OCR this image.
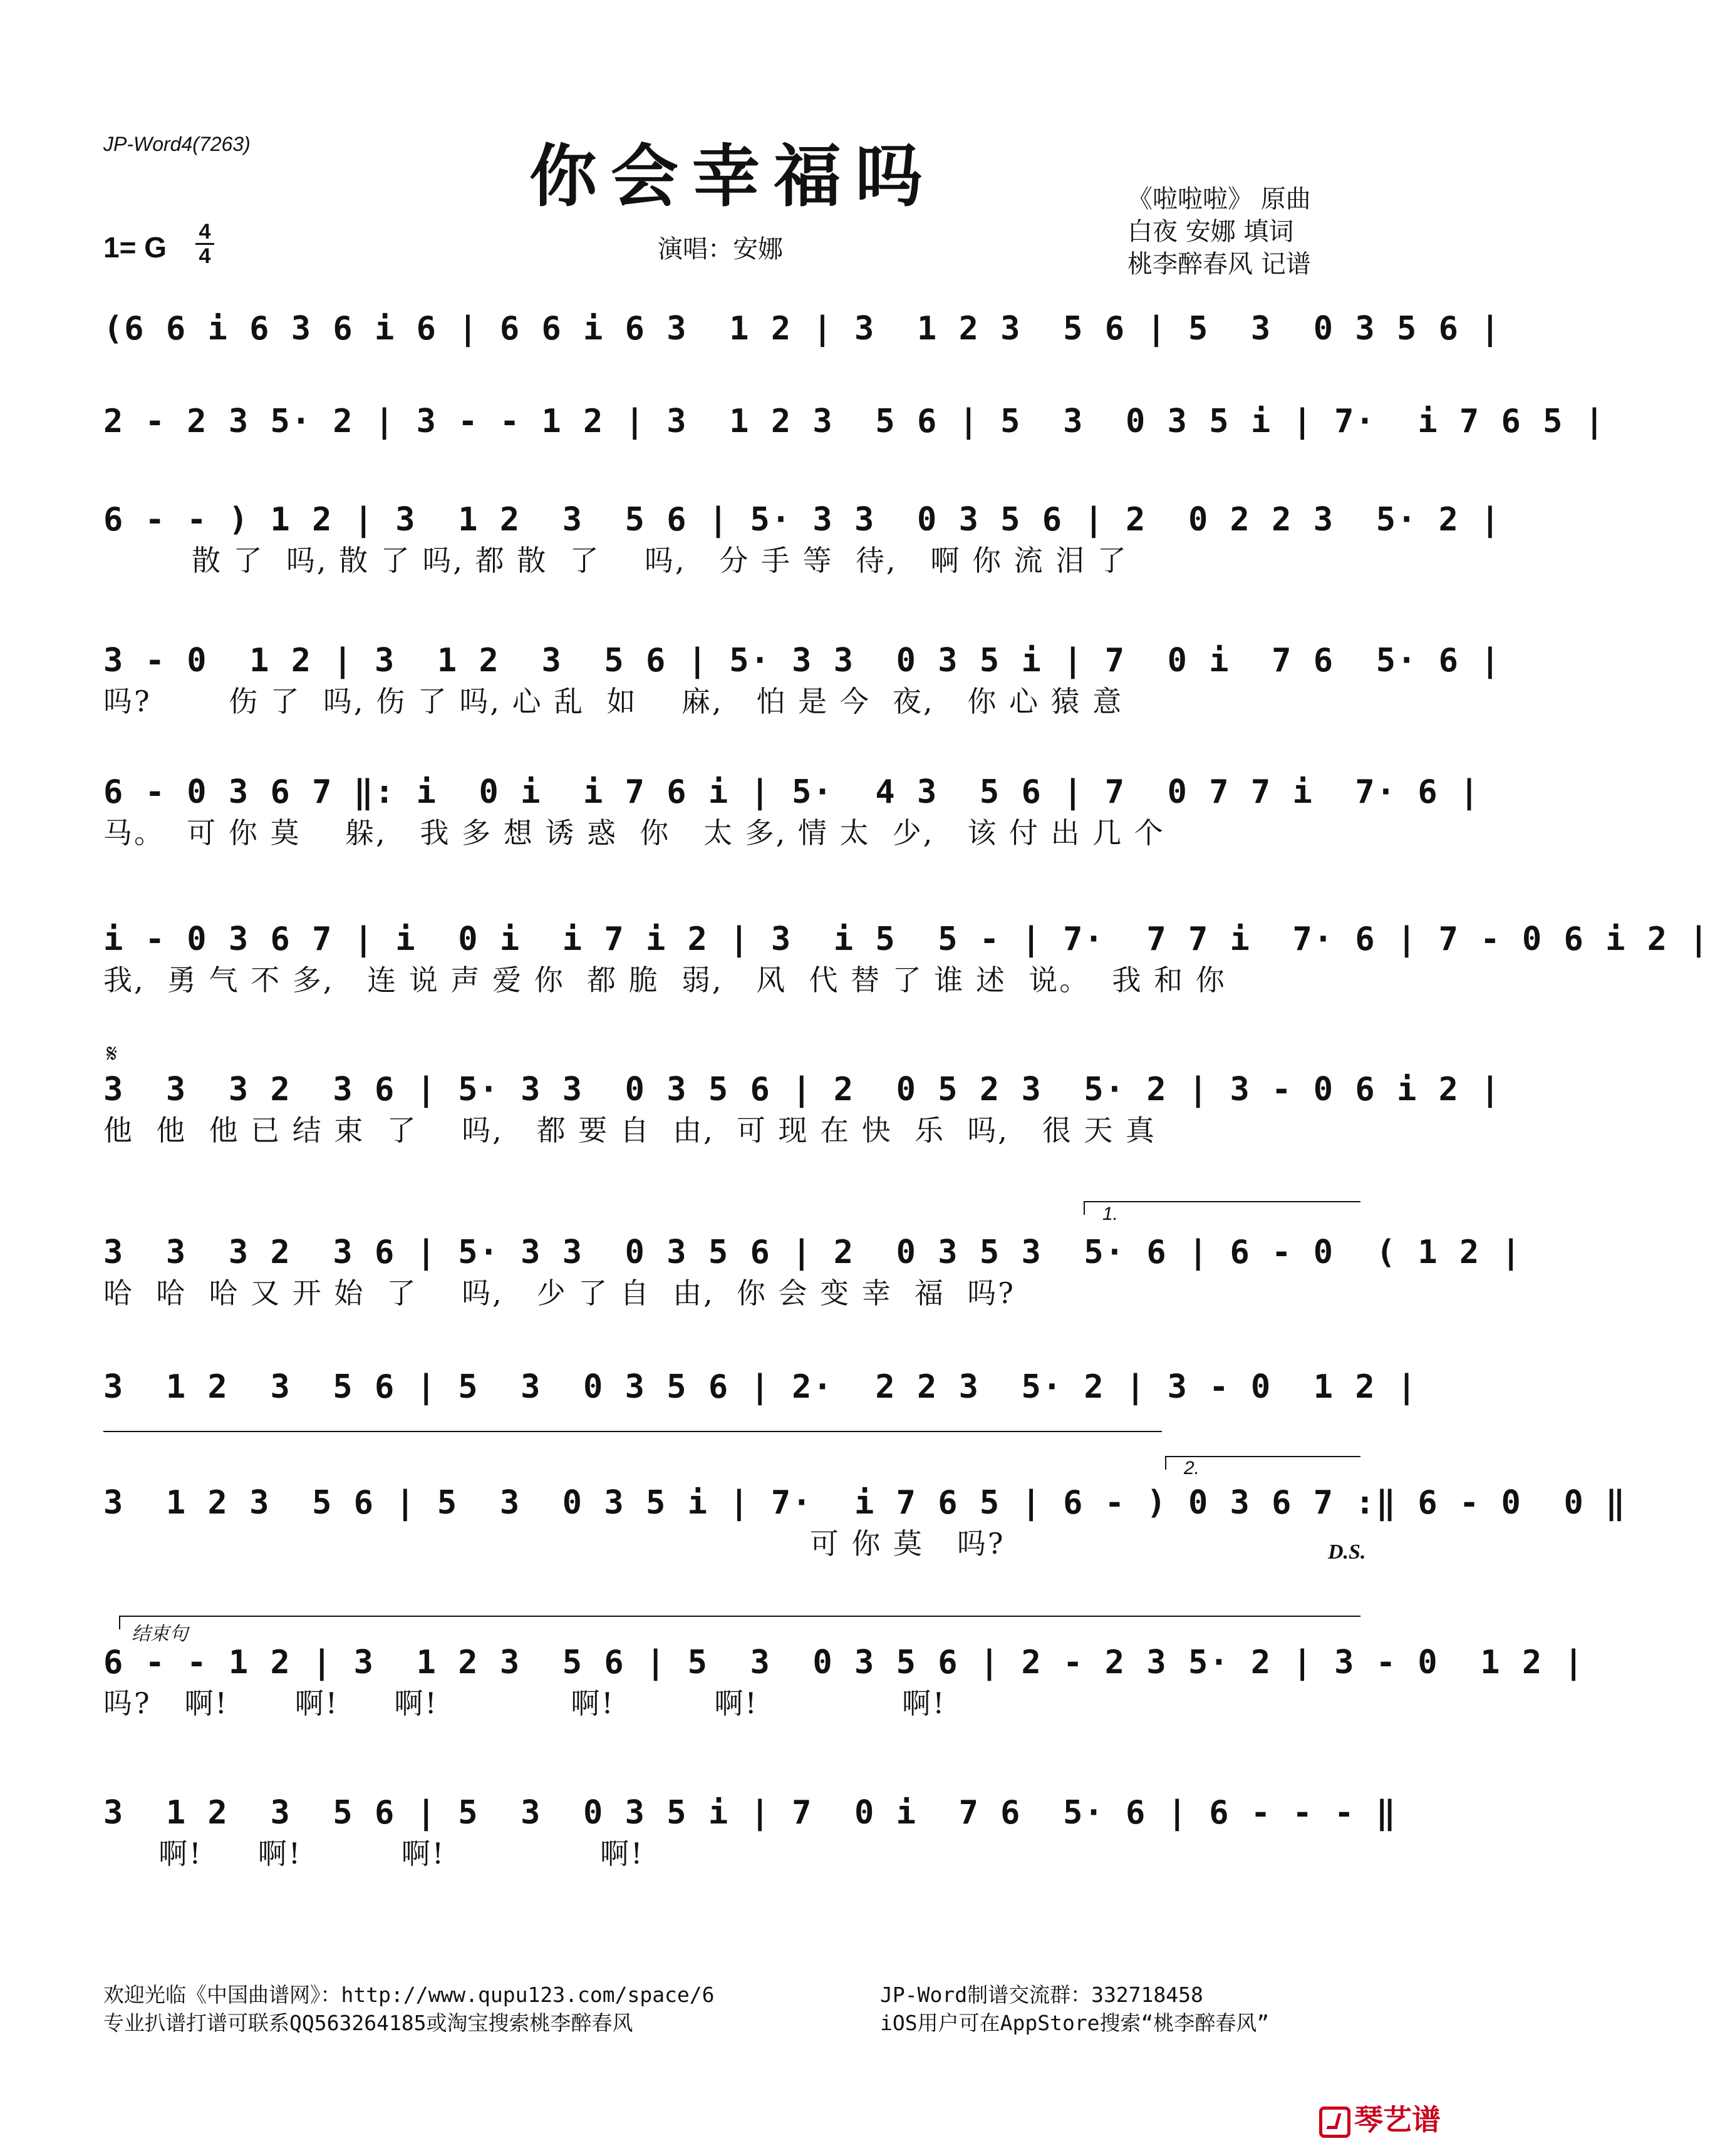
JP-Word4(7263)	你会幸福吗
1= G 4
4	演唱：安娜
《啦啦啦》 原曲
白夜 安娜 填词
桃李醉春风 记谱
(6 6 i 6 3 6 i 6 | 6 6 i 6 3  1 2 | 3  1 2 3  5 6 | 5  3  0 3 5 6 |
2 - 2 3 5· 2 | 3 - - 1 2 | 3  1 2 3  5 6 | 5  3  0 3 5 i | 7·  i 7 6 5 |
6 - - ) 1 2 | 3  1 2  3  5 6 | 5· 3 3  0 3 5 6 | 2  0 2 2 3  5· 2 |
散 了  吗, 散 了 吗, 都 散  了    吗,   分 手 等  待,   啊 你 流 泪 了
3 - 0  1 2 | 3  1 2  3  5 6 | 5· 3 3  0 3 5 i | 7  0 i  7 6  5· 6 |
吗?       伤 了  吗, 伤 了 吗, 心 乱  如    麻,   怕 是 今  夜,   你 心 猿 意
6 - 0 3 6 7 ‖: i  0 i  i 7 6 i | 5·  4 3  5 6 | 7  0 7 7 i  7· 6 |
马。  可 你 莫    躲,   我 多 想 诱 惑  你   太 多, 情 太  少,   该 付 出 几 个
i - 0 3 6 7 | i  0 i  i 7 i 2 | 3  i 5  5 - | 7·  7 7 i  7· 6 | 7 - 0 6 i 2 |
我,  勇 气 不 多,   连 说 声 爱 你  都 脆  弱,   风  代 替 了 谁 述  说。  我 和 你
𝄋
3  3  3 2  3 6 | 5· 3 3  0 3 5 6 | 2  0 5 2 3  5· 2 | 3 - 0 6 i 2 |
他  他  他 已 结 束  了    吗,   都 要 自  由,  可 现 在 快  乐  吗,   很 天 真
1.
3  3  3 2  3 6 | 5· 3 3  0 3 5 6 | 2  0 3 5 3  5· 6 | 6 - 0  ( 1 2 |
哈  哈  哈 又 开 始  了    吗,   少 了 自  由,  你 会 变 幸  福  吗?
3  1 2  3  5 6 | 5  3  0 3 5 6 | 2·  2 2 3  5· 2 | 3 - 0  1 2 |
2.
3  1 2 3  5 6 | 5  3  0 3 5 i | 7·  i 7 6 5 | 6 - ) 0 3 6 7 :‖ 6 - 0  0 ‖
可 你 莫   吗?	D.S.
结束句
6 - - 1 2 | 3  1 2 3  5 6 | 5  3  0 3 5 6 | 2 - 2 3 5· 2 | 3 - 0  1 2 |
吗?   啊!      啊!     啊!            啊!         啊!             啊!
3  1 2  3  5 6 | 5  3  0 3 5 i | 7  0 i  7 6  5· 6 | 6 - - - ‖
啊!     啊!         啊!              啊!
欢迎光临《中国曲谱网》：http://www.qupu123.com/space/6
专业扒谱打谱可联系QQ563264185或淘宝搜索桃李醉春风
JP-Word制谱交流群：332718458
iOS用户可在AppStore搜索“桃李醉春风”
琴艺谱
